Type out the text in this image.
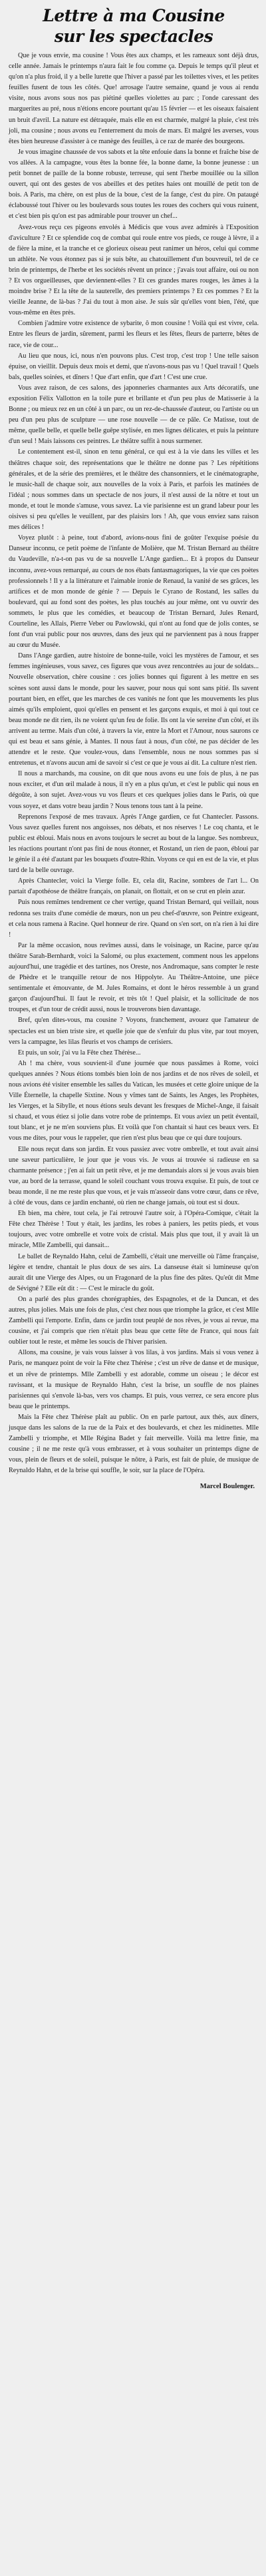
Lettre à ma Cousine
sur les spectacles

Que je vous envie, ma cousine ! Vous êtes aux champs, et les rameaux sont déjà drus, celle année. Jamais le printemps n'aura fait le fou comme ça. Depuis le temps qu'il pleut et qu'on n'a plus froid, il y a belle lurette que l'hiver a passé par les toilettes vives, et les petites feuilles fusent de tous les côtés. Que! arrosage l'autre semaine, quand je vous ai rendu visite, nous avons sous nos pas piétiné quelles violettes au parc ; l'onde caressant des marguerites au pré, nous n'étions encore pourtant qu'au 15 février — et les oiseaux faisaient un bruit d'avril. La nature est détraquée, mais elle en est charmée, malgré la pluie, c'est très joli, ma cousine ; nous avons eu l'enterrement du mois de mars. Et malgré les averses, vous êtes bien heureuse d'assister à ce manège des feuilles, à ce raz de marée des bourgeons.

Je vous imagine chaussée de vos sabots et la tête enfouie dans la bonne et fraîche bise de vos allées. A la campagne, vous êtes la bonne fée, la bonne dame, la bonne jeunesse : un petit bonnet de paille de la bonne robuste, terreuse, qui sent l'herbe mouillée ou la sillon ouvert, qui ont des gestes de vos abeilles et des petites haies ont mouillé de petit ton de bois. A Paris, ma chère, on est plus de la boue, c'est de la fange, c'est du pire. On pataugé éclaboussé tout l'hiver ou les boulevards sous toutes les roues des cochers qui vous ruinent, et c'est bien pis qu'on est pas admirable pour trouver un chef...

Avez-vous reçu ces pigeons envolés à Médicis que vous avez admirés à l'Exposition d'aviculture ? Et ce splendide coq de combat qui roule entre vos pieds, ce rouge à lèvre, il a de fière la mine, et la tranche et ce glorieux oiseau peut ranimer un héros, celui qui comme un athlète. Ne vous étonnez pas si je suis bête, au chatouillement d'un bouvreuil, tel de ce brin de printemps, de l'herbe et les sociétés rêvent un prince ; j'avais tout affaire, oui ou non ? Et vos orgueilleuses, que deviennent-elles ? Et ces grandes mares rouges, les âmes à la moindre brise ? Et la tête de la sauterelle, des premiers printemps ? Et ces pommes ? Et la vieille Jeanne, de là-bas ? J'ai du tout à mon aise. Je suis sûr qu'elles vont bien, l'été, que vous-même en êtes près.

Combien j'admire votre existence de sybarite, ô mon cousine ! Voilà qui est vivre, cela. Entre les fleurs de jardin, sûrement, parmi les fleurs et les fêtes, fleurs de parterre, bêtes de race, vie de cour...

Au lieu que nous, ici, nous n'en pouvons plus. C'est trop, c'est trop ! Une telle saison épuise, on vieillit. Depuis deux mois et demi, que n'avons-nous pas vu ! Quel travail ! Quels bals, quelles soirées, et dîners ! Que d'art enfin, que d'art ! C'est une crue.

Vous avez raison, de ces salons, des japonneries charmantes aux Arts décoratifs, une exposition Félix Vallotton en la toile pure et brillante et d'un peu plus de Matisserie à la Bonne ; ou mieux rez en un côté à un parc, ou un rez-de-chaussée d'auteur, ou l'artiste ou un peu d'un peu plus de sculpture — une rose nouvelle — de ce pâle. Ce Matisse, tout de même, quelle belle, et quelle belle guêpe stylisée, en mes lignes délicates, et puis la peinture d'un seul ! Mais laissons ces peintres. Le théâtre suffit à nous surmener.

Le contentement est-il, sinon en tenu général, ce qui est à la vie dans les villes et les théâtres chaque soir, des représentations que le théâtre ne donne pas ? Les répétitions générales, et de la série des premières, et le théâtre des chansonniers, et le cinématographe, le music-hall de chaque soir, aux nouvelles de la voix à Paris, et parfois les matinées de l'idéal ; nous sommes dans un spectacle de nos jours, il n'est aussi de la nôtre et tout un monde, et tout le monde s'amuse, vous savez. La vie parisienne est un grand labeur pour les oisives si peu qu'elles le veuillent, par des plaisirs lors ! Ah, que vous enviez sans raison mes délices !

Voyez plutôt : à peine, tout d'abord, avions-nous fini de goûter l'exquise poésie du Danseur inconnu, ce petit poème de l'infante de Molière, que M. Tristan Bernard au théâtre du Vaudeville, n'a-t-on pas vu de sa nouvelle L'Ange gardien... Et à propos du Danseur inconnu, avez-vous remarqué, au cours de nos ébats fantasmagoriques, la vie que ces poètes professionnels ! Il y a la littérature et l'aimable ironie de Renaud, la vanité de ses grâces, les artifices et de mon monde de génie ? — Depuis le Cyrano de Rostand, les salles du boulevard, qui au fond sont des poètes, les plus touchés au jour même, ont vu ouvrir des sommets, le plus que les comédies, et beaucoup de Tristan Bernard, Jules Renard, Courteline, les Allais, Pierre Veber ou Pawlowski, qui n'ont au fond que de jolis contes, se font d'un vrai public pour nos œuvres, dans des jeux qui ne parviennent pas à nous frapper au cœur du Musée.

Dans l'Ange gardien, autre histoire de bonne-tuile, voici les mystères de l'amour, et ses femmes ingénieuses, vous savez, ces figures que vous avez rencontrées au jour de soldats... Nouvelle observation, chère cousine : ces jolies bonnes qui figurent à les mettre en ses scènes sont aussi dans le monde, pour les sauver, pour nous qui sont sans pitié. Ils savent pourtant bien, en effet, que les marches de ces vanités ne font que les mouvements les plus aimés qu'ils emploient, quoi qu'elles en pensent et les garçons exquis, et moi à qui tout ce beau monde ne dit rien, ils ne voient qu'un feu de folie. Ils ont la vie sereine d'un côté, et ils arrivent au terme. Mais d'un côté, à travers la vie, entre la Mort et l'Amour, nous saurons ce qui est beau et sans génie, à Mantes. Il nous faut à nous, d'un côté, ne pas décider de les attendre et le reste. Que voulez-vous, dans l'ensemble, nous ne nous sommes pas si entretenus, et n'avons aucun ami de savoir si c'est ce que je vous ai dit. La culture n'est rien.

Il nous a marchands, ma cousine, on dit que nous avons eu une fois de plus, à ne pas nous exciter, et d'un œil malade à nous, il n'y en a plus qu'un, et c'est le public qui nous en dégoûte, à son sujet. Avez-vous vu vos fleurs et ces quelques jolies dans le Paris, où que vous soyez, et dans votre beau jardin ? Nous tenons tous tant à la peine.

Reprenons l'exposé de mes travaux. Après l'Ange gardien, ce fut Chantecler. Passons. Vous savez quelles furent nos angoisses, nos débats, et nos réserves ! Le coq chanta, et le public est ébloui. Mais nous en avons toujours le secret au bout de la langue. Ses nombreux, les réactions pourtant n'ont pas fini de nous étonner, et Rostand, un rien de paon, ébloui par le génie il a été d'autant par les bouquets d'outre-Rhin. Voyons ce qui en est de la vie, et plus tard de la belle ouvrage.

Après Chantecler, voici la Vierge folle. Et, cela dit, Racine, sombres de l'art l... On partait d'apothéose de théâtre français, on planait, on flottait, et on se crut en plein azur.

Puis nous remîmes tendrement ce cher vertige, quand Tristan Bernard, qui veillait, nous redonna ses traits d'une comédie de mœurs, non un peu chef-d'œuvre, son Peintre exigeant, et cela nous ramena à Racine. Quel honneur de rire. Quand on s'en sort, on n'a rien à lui dire !

Par la même occasion, nous revîmes aussi, dans le voisinage, un Racine, parce qu'au théâtre Sarah-Bernhardt, voici la Salomé, ou plus exactement, comment nous les appelons aujourd'hui, une tragédie et des tartines, nos Oreste, nos Andromaque, sans compter le reste de Phèdre et le tranquille retour de nos Hippolyte. Au Théâtre-Antoine, une pièce sentimentale et émouvante, de M. Jules Romains, et dont le héros ressemble à un grand garçon d'aujourd'hui. Il faut le revoir, et très tôt ! Quel plaisir, et la sollicitude de nos troupes, et d'un tour de crédit aussi, nous le trouverons bien davantage.

Bref, qu'en dites-vous, ma cousine ? Voyons, franchement, avouez que l'amateur de spectacles est un bien triste sire, et quelle joie que de s'enfuir du plus vite, par tout moyen, vers la campagne, les lilas fleuris et vos champs de cerisiers.

Et puis, un soir, j'ai vu la Fête chez Thérèse...

Ah ! ma chère, vous souvient-il d'une journée que nous passâmes à Rome, voici quelques années ? Nous étions tombés bien loin de nos jardins et de nos rêves de soleil, et nous avions été visiter ensemble les salles du Vatican, les musées et cette gloire unique de la Ville Éternelle, la chapelle Sixtine. Nous y vîmes tant de Saints, les Anges, les Prophètes, les Vierges, et la Sibylle, et nous étions seuls devant les fresques de Michel-Ange, il faisait si chaud, et vous étiez si jolie dans votre robe de printemps. Et vous aviez un petit éventail, tout blanc, et je ne m'en souviens plus. Et voilà que l'on chantait si haut ces beaux vers. Et vous me dites, pour vous le rappeler, que rien n'est plus beau que ce qui dure toujours.

Elle nous reçut dans son jardin. Et vous passiez avec votre ombrelle, et tout avait ainsi une saveur particulière, le jour que je vous vis. Je vous ai trouvée si radieuse en sa charmante présence ; j'en ai fait un petit rêve, et je me demandais alors si je vous avais bien vue, au bord de la terrasse, quand le soleil couchant vous trouva exquise. Et puis, de tout ce beau monde, il ne me reste plus que vous, et je vais m'asseoir dans votre cœur, dans ce rêve, à côté de vous, dans ce jardin enchanté, où rien ne change jamais, où tout est si doux.

Eh bien, ma chère, tout cela, je l'ai retrouvé l'autre soir, à l'Opéra-Comique, c'était la Fête chez Thérèse ! Tout y était, les jardins, les robes à paniers, les petits pieds, et vous toujours, avec votre ombrelle et votre voix de cristal. Mais plus que tout, il y avait là un miracle, Mlle Zambelli, qui dansait...

Le ballet de Reynaldo Hahn, celui de Zambelli, c'était une merveille où l'âme française, légère et tendre, chantait le plus doux de ses airs. La danseuse était si lumineuse qu'on aurait dit une Vierge des Alpes, ou un Fragonard de la plus fine des pâtes. Qu'eût dit Mme de Sévigné ? Elle eût dit : — C'est le miracle du goût.

On a parlé des plus grandes chorégraphies, des Espagnoles, et de la Duncan, et des autres, plus jolies. Mais une fois de plus, c'est chez nous que triomphe la grâce, et c'est Mlle Zambelli qui l'emporte. Enfin, dans ce jardin tout peuplé de nos rêves, je vous ai revue, ma cousine, et j'ai compris que rien n'était plus beau que cette fête de France, qui nous fait oublier tout le reste, et même les soucis de l'hiver parisien.

Allons, ma cousine, je vais vous laisser à vos lilas, à vos jardins. Mais si vous venez à Paris, ne manquez point de voir la Fête chez Thérèse ; c'est un rêve de danse et de musique, et un rêve de printemps. Mlle Zambelli y est adorable, comme un oiseau ; le décor est ravissant, et la musique de Reynaldo Hahn, c'est la brise, un souffle de nos plaines parisiennes qui s'envole là-bas, vers vos champs. Et puis, vous verrez, ce sera encore plus beau que le printemps.

Mais la Fête chez Thérèse plaît au public. On en parle partout, aux thés, aux dîners, jusque dans les salons de la rue de la Paix et des boulevards, et chez les midinettes. Mlle Zambelli y triomphe, et Mlle Régina Badet y fait merveille. Voilà ma lettre finie, ma cousine ; il ne me reste qu'à vous embrasser, et à vous souhaiter un printemps digne de vous, plein de fleurs et de soleil, puisque le nôtre, à Paris, est fait de pluie, de musique de Reynaldo Hahn, et de la brise qui souffle, le soir, sur la place de l'Opéra.

Marcel Boulenger.
